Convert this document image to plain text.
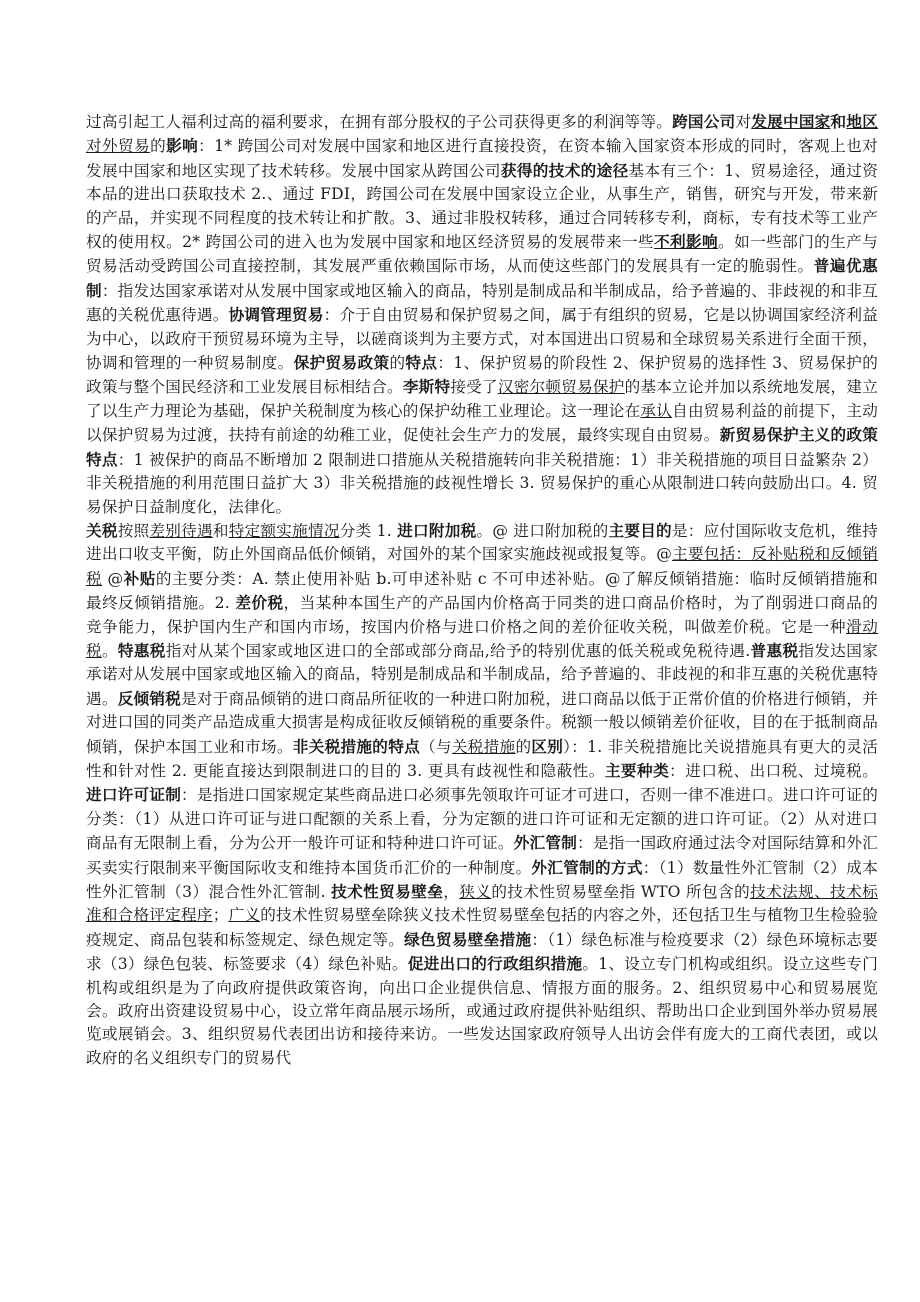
过高引起工人福利过高的福利要求，在拥有部分股权的子公司获得更多的利润等等。跨国公司对发展中国家和地区对外贸易的影响：1* 跨国公司对发展中国家和地区进行直接投资，在资本输入国家资本形成的同时，客观上也对发展中国家和地区实现了技术转移。发展中国家从跨国公司获得的技术的途径基本有三个：1、贸易途径，通过资本品的进出口获取技术 2.、通过 FDI，跨国公司在发展中国家设立企业，从事生产，销售，研究与开发，带来新的产品，并实现不同程度的技术转让和扩散。3、通过非股权转移，通过合同转移专利，商标，专有技术等工业产权的使用权。2* 跨国公司的进入也为发展中国家和地区经济贸易的发展带来一些不利影响。如一些部门的生产与贸易活动受跨国公司直接控制，其发展严重依赖国际市场，从而使这些部门的发展具有一定的脆弱性。普遍优惠制：指发达国家承诺对从发展中国家或地区输入的商品，特别是制成品和半制成品，给予普遍的、非歧视的和非互惠的关税优惠待遇。协调管理贸易：介于自由贸易和保护贸易之间，属于有组织的贸易，它是以协调国家经济利益为中心，以政府干预贸易环境为主导，以磋商谈判为主要方式，对本国进出口贸易和全球贸易关系进行全面干预，协调和管理的一种贸易制度。保护贸易政策的特点：1、保护贸易的阶段性 2、保护贸易的选择性 3、贸易保护的政策与整个国民经济和工业发展目标相结合。李斯特接受了汉密尔顿贸易保护的基本立论并加以系统地发展，建立了以生产力理论为基础，保护关税制度为核心的保护幼稚工业理论。这一理论在承认自由贸易利益的前提下，主动以保护贸易为过渡，扶持有前途的幼稚工业，促使社会生产力的发展，最终实现自由贸易。新贸易保护主义的政策特点：1 被保护的商品不断增加 2 限制进口措施从关税措施转向非关税措施：1）非关税措施的项目日益繁杂 2）非关税措施的利用范围日益扩大 3）非关税措施的歧视性增长 3. 贸易保护的重心从限制进口转向鼓励出口。4. 贸易保护日益制度化，法律化。

关税按照差别待遇和特定额实施情况分类 1. 进口附加税。@ 进口附加税的主要目的是：应付国际收支危机，维持进出口收支平衡，防止外国商品低价倾销，对国外的某个国家实施歧视或报复等。@主要包括：反补贴税和反倾销税 @补贴的主要分类：A. 禁止使用补贴 b.可申述补贴 c 不可申述补贴。@了解反倾销措施：临时反倾销措施和最终反倾销措施。2. 差价税，当某种本国生产的产品国内价格高于同类的进口商品价格时，为了削弱进口商品的竞争能力，保护国内生产和国内市场，按国内价格与进口价格之间的差价征收关税，叫做差价税。它是一种滑动税。特惠税指对从某个国家或地区进口的全部或部分商品,给予的特别优惠的低关税或免税待遇.普惠税指发达国家承诺对从发展中国家或地区输入的商品，特别是制成品和半制成品，给予普遍的、非歧视的和非互惠的关税优惠特遇。反倾销税是对于商品倾销的进口商品所征收的一种进口附加税，进口商品以低于正常价值的价格进行倾销，并对进口国的同类产品造成重大损害是构成征收反倾销税的重要条件。税额一般以倾销差价征收，目的在于抵制商品倾销，保护本国工业和市场。非关税措施的特点（与关税措施的区别）：1. 非关税措施比关说措施具有更大的灵活性和针对性 2. 更能直接达到限制进口的目的 3. 更具有歧视性和隐蔽性。主要种类：进口税、出口税、过境税。进口许可证制：是指进口国家规定某些商品进口必须事先领取许可证才可进口，否则一律不准进口。进口许可证的分类：（1）从进口许可证与进口配额的关系上看，分为定额的进口许可证和无定额的进口许可证。（2）从对进口商品有无限制上看，分为公开一般许可证和特种进口许可证。外汇管制：是指一国政府通过法令对国际结算和外汇买卖实行限制来平衡国际收支和维持本国货币汇价的一种制度。外汇管制的方式：（1）数量性外汇管制（2）成本性外汇管制（3）混合性外汇管制. 技术性贸易壁垒，狭义的技术性贸易壁垒指 WTO 所包含的技术法规、技术标准和合格评定程序；广义的技术性贸易壁垒除狭义技术性贸易壁垒包括的内容之外，还包括卫生与植物卫生检验验疫规定、商品包装和标签规定、绿色规定等。绿色贸易壁垒措施：（1）绿色标准与检疫要求（2）绿色环境标志要求（3）绿色包装、标签要求（4）绿色补贴。促进出口的行政组织措施。1、设立专门机构或组织。设立这些专门机构或组织是为了向政府提供政策咨询，向出口企业提供信息、情报方面的服务。2、组织贸易中心和贸易展览会。政府出资建设贸易中心，设立常年商品展示场所，或通过政府提供补贴组织、帮助出口企业到国外举办贸易展览或展销会。3、组织贸易代表团出访和接待来访。一些发达国家政府领导人出访会伴有庞大的工商代表团，或以政府的名义组织专门的贸易代
